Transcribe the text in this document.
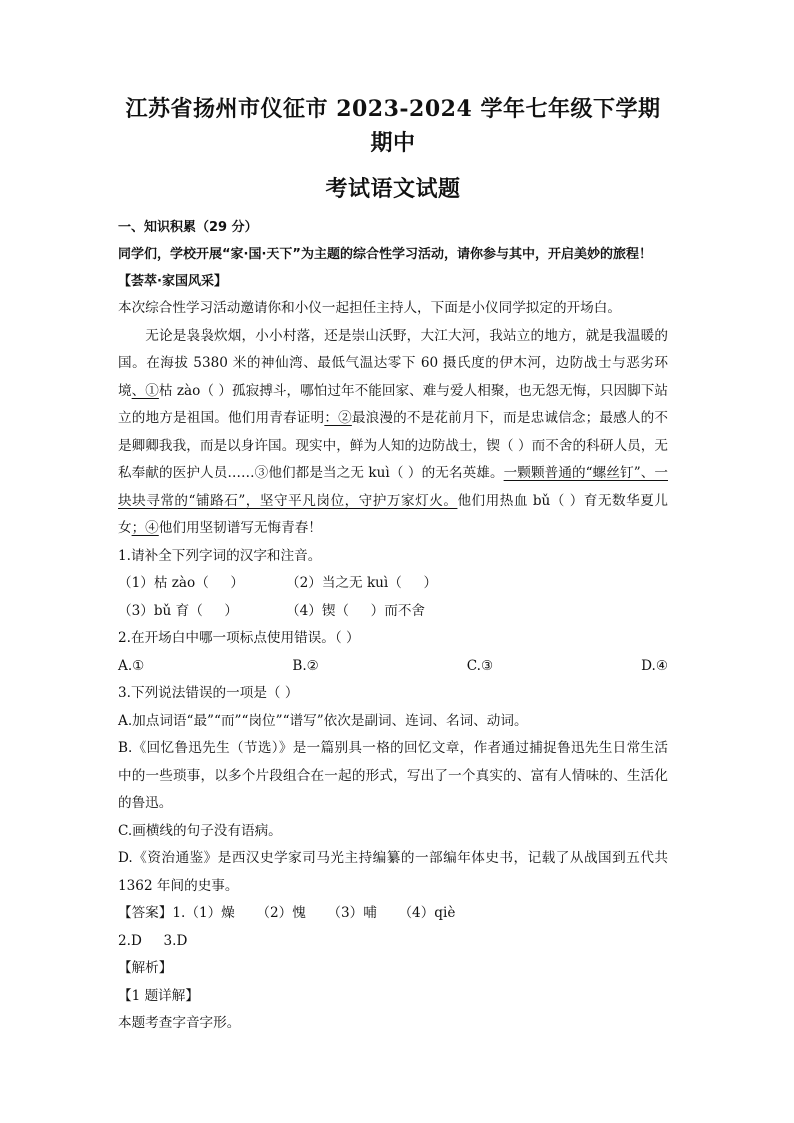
江苏省扬州市仪征市 2023-2024 学年七年级下学期期中
考试语文试题
一、知识积累（29 分）
同学们，学校开展“家·国·天下”为主题的综合性学习活动，请你参与其中，开启美妙的旅程！
【荟萃·家国风采】
本次综合性学习活动邀请你和小仪一起担任主持人，下面是小仪同学拟定的开场白。
无论是袅袅炊烟，小小村落，还是崇山沃野，大江大河，我站立的地方，就是我温暖的国。在海拔 5380 米的神仙湾、最低气温达零下 60 摄氏度的伊木河，边防战士与恶劣环境、①枯 zào（ ）孤寂搏斗，哪怕过年不能回家、难与爱人相聚，也无怨无悔，只因脚下站立的地方是祖国。他们用青春证明：②最浪漫的不是花前月下，而是忠诚信念；最感人的不是卿卿我我，而是以身许国。现实中，鲜为人知的边防战士，锲（ ）而不舍的科研人员，无私奉献的医护人员……③他们都是当之无 kuì（ ）的无名英雄。一颗颗普通的“螺丝钉”、一块块寻常的“铺路石”，坚守平凡岗位，守护万家灯火。他们用热血 bǔ（ ）育无数华夏儿女；④他们用坚韧谱写无悔青春！
1.请补全下列字词的汉字和注音。
（1）枯 zào（     ）	（2）当之无 kuì（     ）
（3）bǔ 育（     ）	（4）锲（     ）而不舍
2.在开场白中哪一项标点使用错误。（ ）
A.①	B.②	C.③	D.④
3.下列说法错误的一项是（ ）
A.加点词语“最”“而”“岗位”“谱写”依次是副词、连词、名词、动词。
B.《回忆鲁迅先生（节选）》是一篇别具一格的回忆文章，作者通过捕捉鲁迅先生日常生活中的一些琐事，以多个片段组合在一起的形式，写出了一个真实的、富有人情味的、生活化的鲁迅。
C.画横线的句子没有语病。
D.《资治通鉴》是西汉史学家司马光主持编纂的一部编年体史书，记载了从战国到五代共 1362 年间的史事。
【答案】1.（1）燥     （2）愧     （3）哺     （4）qiè
2.D     3.D
【解析】
【1 题详解】
本题考查字音字形。
